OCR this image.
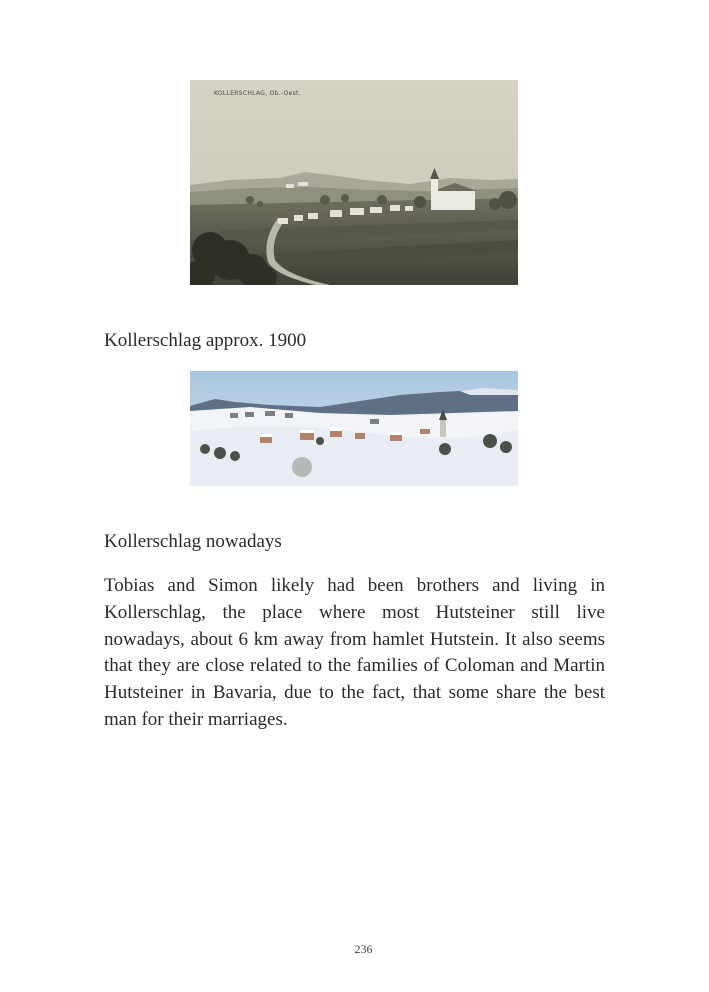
KOLLERSCHLAG, Ob.-Oest.
Kollerschlag approx. 1900
Kollerschlag nowadays
Tobias and Simon likely had been brothers and living in Kollerschlag, the place where most Hutsteiner still live nowadays, about 6 km away from hamlet Hutstein. It also seems that they are close related to the families of Coloman and Martin Hutsteiner in Bavaria, due to the fact, that some share the best man for their marriages.
236
